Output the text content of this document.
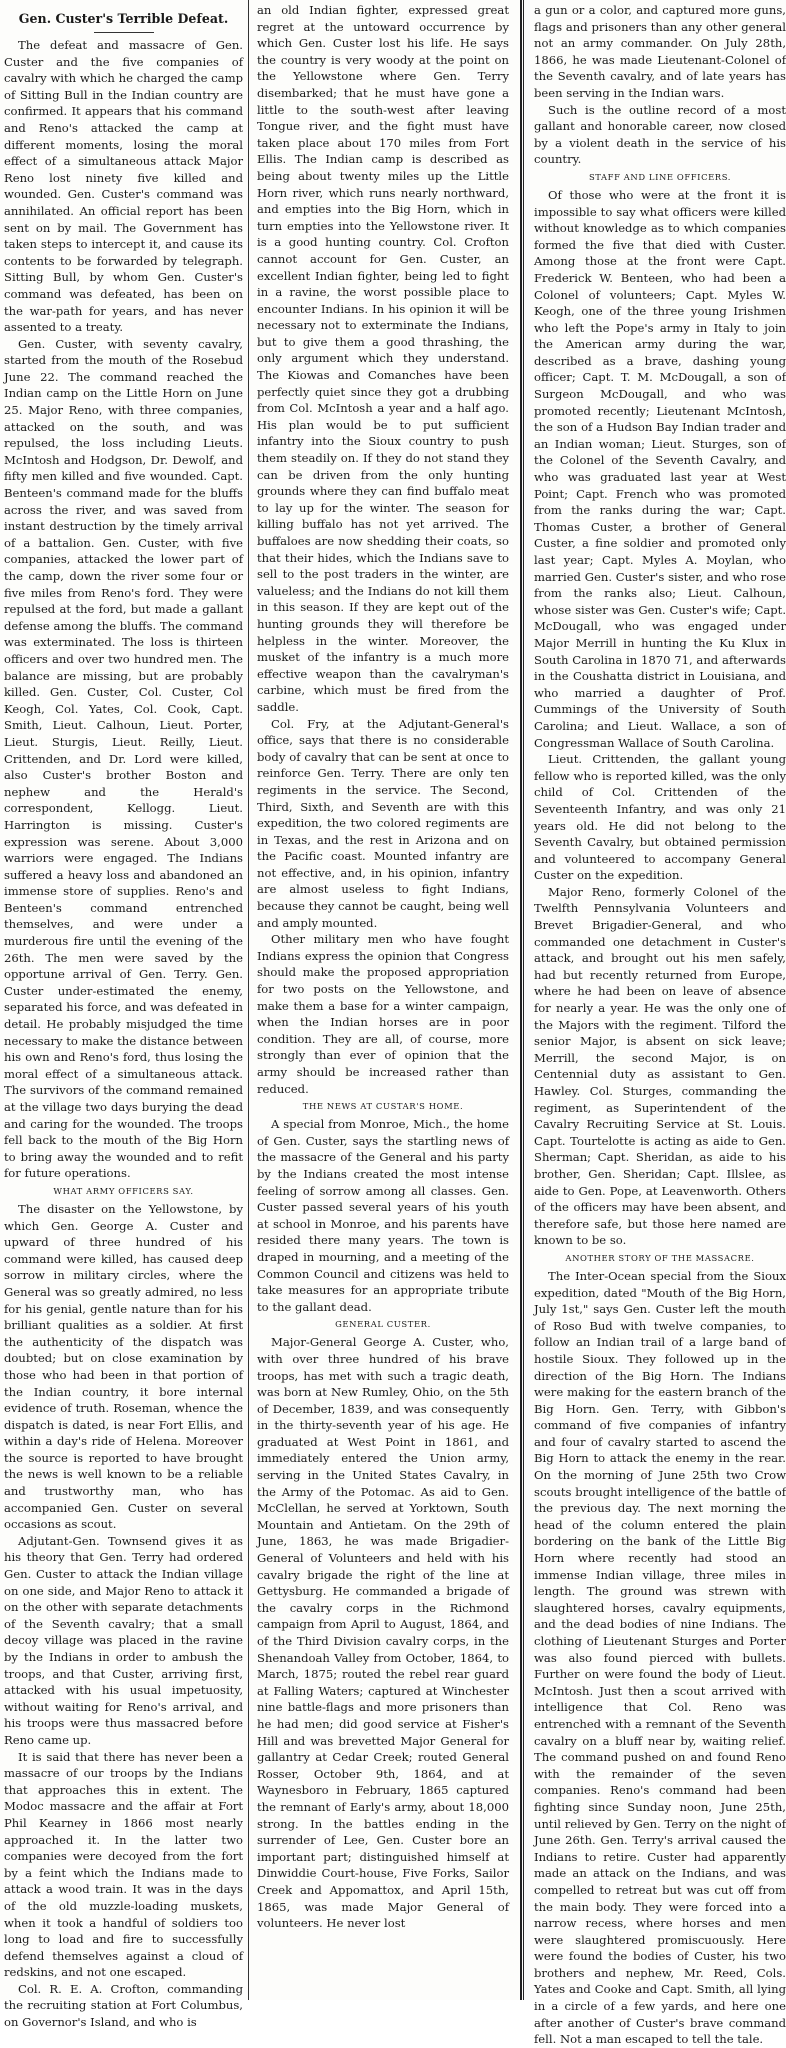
Gen. Custer's Terrible Defeat.

The defeat and massacre of Gen. Custer and the five companies of cavalry with which he charged the camp of Sitting Bull in the Indian country are confirmed. It appears that his command and Reno's attacked the camp at different moments, losing the moral effect of a simultaneous attack Major Reno lost ninety five killed and wounded. Gen. Custer's command was annihilated. An official report has been sent on by mail. The Government has taken steps to intercept it, and cause its contents to be forwarded by telegraph. Sitting Bull, by whom Gen. Custer's command was defeated, has been on the war-path for years, and has never assented to a treaty.

Gen. Custer, with seventy cavalry, started from the mouth of the Rosebud June 22. The command reached the Indian camp on the Little Horn on June 25. Major Reno, with three companies, attacked on the south, and was repulsed, the loss including Lieuts. McIntosh and Hodgson, Dr. Dewolf, and fifty men killed and five wounded. Capt. Benteen's command made for the bluffs across the river, and was saved from instant destruction by the timely arrival of a battalion. Gen. Custer, with five companies, attacked the lower part of the camp, down the river some four or five miles from Reno's ford. They were repulsed at the ford, but made a gallant defense among the bluffs. The command was exterminated. The loss is thirteen officers and over two hundred men. The balance are missing, but are probably killed. Gen. Custer, Col. Custer, Col Keogh, Col. Yates, Col. Cook, Capt. Smith, Lieut. Calhoun, Lieut. Porter, Lieut. Sturgis, Lieut. Reilly, Lieut. Crittenden, and Dr. Lord were killed, also Custer's brother Boston and nephew and the Herald's correspondent, Kellogg. Lieut. Harrington is missing. Custer's expression was serene. About 3,000 warriors were engaged. The Indians suffered a heavy loss and abandoned an immense store of supplies. Reno's and Benteen's command entrenched themselves, and were under a murderous fire until the evening of the 26th. The men were saved by the opportune arrival of Gen. Terry. Gen. Custer under-estimated the enemy, separated his force, and was defeated in detail. He probably misjudged the time necessary to make the distance between his own and Reno's ford, thus losing the moral effect of a simultaneous attack. The survivors of the command remained at the village two days burying the dead and caring for the wounded. The troops fell back to the mouth of the Big Horn to bring away the wounded and to refit for future operations.

WHAT ARMY OFFICERS SAY.

The disaster on the Yellowstone, by which Gen. George A. Custer and upward of three hundred of his command were killed, has caused deep sorrow in military circles, where the General was so greatly admired, no less for his genial, gentle nature than for his brilliant qualities as a soldier. At first the authenticity of the dispatch was doubted; but on close examination by those who had been in that portion of the Indian country, it bore internal evidence of truth. Roseman, whence the dispatch is dated, is near Fort Ellis, and within a day's ride of Helena. Moreover the source is reported to have brought the news is well known to be a reliable and trustworthy man, who has accompanied Gen. Custer on several occasions as scout.

Adjutant-Gen. Townsend gives it as his theory that Gen. Terry had ordered Gen. Custer to attack the Indian village on one side, and Major Reno to attack it on the other with separate detachments of the Seventh cavalry; that a small decoy village was placed in the ravine by the Indians in order to ambush the troops, and that Custer, arriving first, attacked with his usual impetuosity, without waiting for Reno's arrival, and his troops were thus massacred before Reno came up.

It is said that there has never been a massacre of our troops by the Indians that approaches this in extent. The Modoc massacre and the affair at Fort Phil Kearney in 1866 most nearly approached it. In the latter two companies were decoyed from the fort by a feint which the Indians made to attack a wood train. It was in the days of the old muzzle-loading muskets, when it took a handful of soldiers too long to load and fire to successfully defend themselves against a cloud of redskins, and not one escaped.

Col. R. E. A. Crofton, commanding the recruiting station at Fort Columbus, on Governor's Island, and who is

an old Indian fighter, expressed great regret at the untoward occurrence by which Gen. Custer lost his life. He says the country is very woody at the point on the Yellowstone where Gen. Terry disembarked; that he must have gone a little to the south-west after leaving Tongue river, and the fight must have taken place about 170 miles from Fort Ellis. The Indian camp is described as being about twenty miles up the Little Horn river, which runs nearly northward, and empties into the Big Horn, which in turn empties into the Yellowstone river. It is a good hunting country. Col. Crofton cannot account for Gen. Custer, an excellent Indian fighter, being led to fight in a ravine, the worst possible place to encounter Indians. In his opinion it will be necessary not to exterminate the Indians, but to give them a good thrashing, the only argument which they understand. The Kiowas and Comanches have been perfectly quiet since they got a drubbing from Col. McIntosh a year and a half ago. His plan would be to put sufficient infantry into the Sioux country to push them steadily on. If they do not stand they can be driven from the only hunting grounds where they can find buffalo meat to lay up for the winter. The season for killing buffalo has not yet arrived. The buffaloes are now shedding their coats, so that their hides, which the Indians save to sell to the post traders in the winter, are valueless; and the Indians do not kill them in this season. If they are kept out of the hunting grounds they will therefore be helpless in the winter. Moreover, the musket of the infantry is a much more effective weapon than the cavalryman's carbine, which must be fired from the saddle.

Col. Fry, at the Adjutant-General's office, says that there is no considerable body of cavalry that can be sent at once to reinforce Gen. Terry. There are only ten regiments in the service. The Second, Third, Sixth, and Seventh are with this expedition, the two colored regiments are in Texas, and the rest in Arizona and on the Pacific coast. Mounted infantry are not effective, and, in his opinion, infantry are almost useless to fight Indians, because they cannot be caught, being well and amply mounted.

Other military men who have fought Indians express the opinion that Congress should make the proposed appropriation for two posts on the Yellowstone, and make them a base for a winter campaign, when the Indian horses are in poor condition. They are all, of course, more strongly than ever of opinion that the army should be increased rather than reduced.

THE NEWS AT CUSTAR'S HOME.

A special from Monroe, Mich., the home of Gen. Custer, says the startling news of the massacre of the General and his party by the Indians created the most intense feeling of sorrow among all classes. Gen. Custer passed several years of his youth at school in Monroe, and his parents have resided there many years. The town is draped in mourning, and a meeting of the Common Council and citizens was held to take measures for an appropriate tribute to the gallant dead.

GENERAL CUSTER.

Major-General George A. Custer, who, with over three hundred of his brave troops, has met with such a tragic death, was born at New Rumley, Ohio, on the 5th of December, 1839, and was consequently in the thirty-seventh year of his age. He graduated at West Point in 1861, and immediately entered the Union army, serving in the United States Cavalry, in the Army of the Potomac. As aid to Gen. McClellan, he served at Yorktown, South Mountain and Antietam. On the 29th of June, 1863, he was made Brigadier-General of Volunteers and held with his cavalry brigade the right of the line at Gettysburg. He commanded a brigade of the cavalry corps in the Richmond campaign from April to August, 1864, and of the Third Division cavalry corps, in the Shenandoah Valley from October, 1864, to March, 1875; routed the rebel rear guard at Falling Waters; captured at Winchester nine battle-flags and more prisoners than he had men; did good service at Fisher's Hill and was brevetted Major General for gallantry at Cedar Creek; routed General Rosser, October 9th, 1864, and at Waynesboro in February, 1865 captured the remnant of Early's army, about 18,000 strong. In the battles ending in the surrender of Lee, Gen. Custer bore an important part; distinguished himself at Dinwiddie Court-house, Five Forks, Sailor Creek and Appomattox, and April 15th, 1865, was made Major General of volunteers. He never lost

a gun or a color, and captured more guns, flags and prisoners than any other general not an army commander. On July 28th, 1866, he was made Lieutenant-Colonel of the Seventh cavalry, and of late years has been serving in the Indian wars.

Such is the outline record of a most gallant and honorable career, now closed by a violent death in the service of his country.

STAFF AND LINE OFFICERS.

Of those who were at the front it is impossible to say what officers were killed without knowledge as to which companies formed the five that died with Custer. Among those at the front were Capt. Frederick W. Benteen, who had been a Colonel of volunteers; Capt. Myles W. Keogh, one of the three young Irishmen who left the Pope's army in Italy to join the American army during the war, described as a brave, dashing young officer; Capt. T. M. McDougall, a son of Surgeon McDougall, and who was promoted recently; Lieutenant McIntosh, the son of a Hudson Bay Indian trader and an Indian woman; Lieut. Sturges, son of the Colonel of the Seventh Cavalry, and who was graduated last year at West Point; Capt. French who was promoted from the ranks during the war; Capt. Thomas Custer, a brother of General Custer, a fine soldier and promoted only last year; Capt. Myles A. Moylan, who married Gen. Custer's sister, and who rose from the ranks also; Lieut. Calhoun, whose sister was Gen. Custer's wife; Capt. McDougall, who was engaged under Major Merrill in hunting the Ku Klux in South Carolina in 1870 71, and afterwards in the Coushatta district in Louisiana, and who married a daughter of Prof. Cummings of the University of South Carolina; and Lieut. Wallace, a son of Congressman Wallace of South Carolina.

Lieut. Crittenden, the gallant young fellow who is reported killed, was the only child of Col. Crittenden of the Seventeenth Infantry, and was only 21 years old. He did not belong to the Seventh Cavalry, but obtained permission and volunteered to accompany General Custer on the expedition.

Major Reno, formerly Colonel of the Twelfth Pennsylvania Volunteers and Brevet Brigadier-General, and who commanded one detachment in Custer's attack, and brought out his men safely, had but recently returned from Europe, where he had been on leave of absence for nearly a year. He was the only one of the Majors with the regiment. Tilford the senior Major, is absent on sick leave; Merrill, the second Major, is on Centennial duty as assistant to Gen. Hawley. Col. Sturges, commanding the regiment, as Superintendent of the Cavalry Recruiting Service at St. Louis. Capt. Tourtelotte is acting as aide to Gen. Sherman; Capt. Sheridan, as aide to his brother, Gen. Sheridan; Capt. Illslee, as aide to Gen. Pope, at Leavenworth. Others of the officers may have been absent, and therefore safe, but those here named are known to be so.

ANOTHER STORY OF THE MASSACRE.

The Inter-Ocean special from the Sioux expedition, dated "Mouth of the Big Horn, July 1st," says Gen. Custer left the mouth of Roso Bud with twelve companies, to follow an Indian trail of a large band of hostile Sioux. They followed up in the direction of the Big Horn. The Indians were making for the eastern branch of the Big Horn. Gen. Terry, with Gibbon's command of five companies of infantry and four of cavalry started to ascend the Big Horn to attack the enemy in the rear. On the morning of June 25th two Crow scouts brought intelligence of the battle of the previous day. The next morning the head of the column entered the plain bordering on the bank of the Little Big Horn where recently had stood an immense Indian village, three miles in length. The ground was strewn with slaughtered horses, cavalry equipments, and the dead bodies of nine Indians. The clothing of Lieutenant Sturges and Porter was also found pierced with bullets. Further on were found the body of Lieut. McIntosh. Just then a scout arrived with intelligence that Col. Reno was entrenched with a remnant of the Seventh cavalry on a bluff near by, waiting relief. The command pushed on and found Reno with the remainder of the seven companies. Reno's command had been fighting since Sunday noon, June 25th, until relieved by Gen. Terry on the night of June 26th. Gen. Terry's arrival caused the Indians to retire. Custer had apparently made an attack on the Indians, and was compelled to retreat but was cut off from the main body. They were forced into a narrow recess, where horses and men were slaughtered promiscuously. Here were found the bodies of Custer, his two brothers and nephew, Mr. Reed, Cols. Yates and Cooke and Capt. Smith, all lying in a circle of a few yards, and here one after another of Custer's brave command fell. Not a man escaped to tell the tale.
